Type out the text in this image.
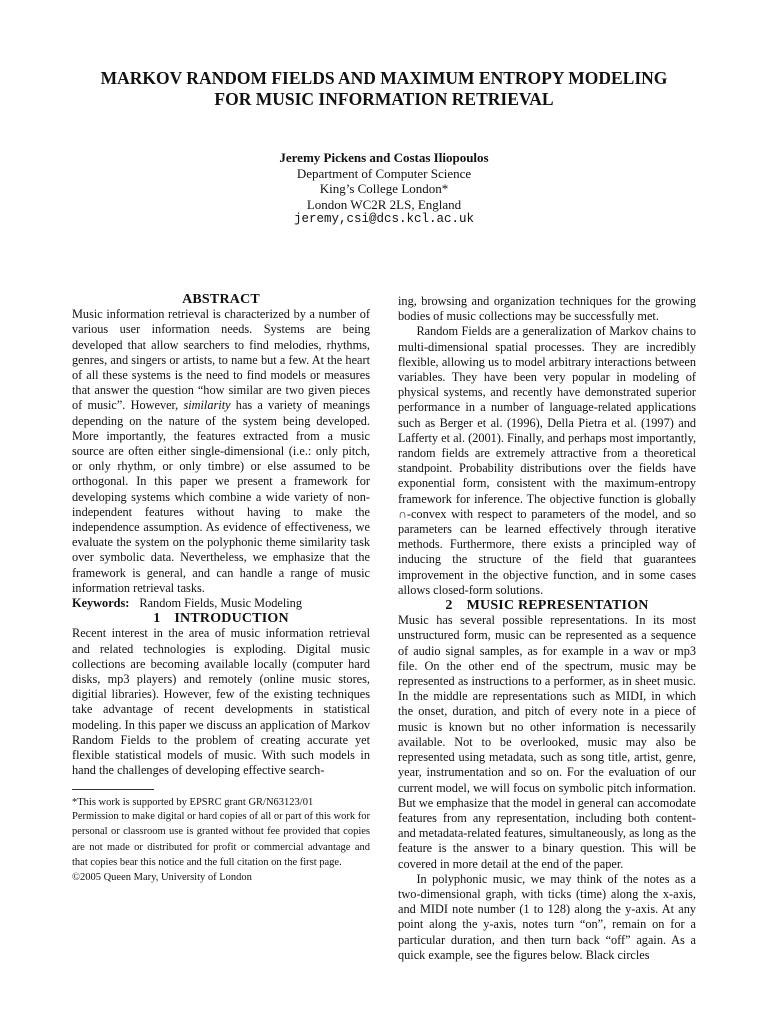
MARKOV RANDOM FIELDS AND MAXIMUM ENTROPY MODELING
FOR MUSIC INFORMATION RETRIEVAL
Jeremy Pickens and Costas Iliopoulos
Department of Computer Science
King’s College London*
London WC2R 2LS, England
jeremy,csi@dcs.kcl.ac.uk
ABSTRACT

Music information retrieval is characterized by a number of various user information needs. Systems are being developed that allow searchers to find melodies, rhythms, genres, and singers or artists, to name but a few. At the heart of all these systems is the need to find models or measures that answer the question “how similar are two given pieces of music”. However, similarity has a variety of meanings depending on the nature of the system being developed. More importantly, the features extracted from a music source are often either single-dimensional (i.e.: only pitch, or only rhythm, or only timbre) or else assumed to be orthogonal. In this paper we present a framework for developing systems which combine a wide variety of non-independent features without having to make the independence assumption. As evidence of effectiveness, we evaluate the system on the polyphonic theme similarity task over symbolic data. Nevertheless, we emphasize that the framework is general, and can handle a range of music information retrieval tasks.

Keywords: Random Fields, Music Modeling

1 INTRODUCTION

Recent interest in the area of music information retrieval and related technologies is exploding. Digital music collections are becoming available locally (computer hard disks, mp3 players) and remotely (online music stores, digitial libraries). However, few of the existing techniques take advantage of recent developments in statistical modeling. In this paper we discuss an application of Markov Random Fields to the problem of creating accurate yet flexible statistical models of music. With such models in hand the challenges of developing effective search-

*This work is supported by EPSRC grant GR/N63123/01

Permission to make digital or hard copies of all or part of this work for personal or classroom use is granted without fee provided that copies are not made or distributed for profit or commercial advantage and that copies bear this notice and the full citation on the first page.

©2005 Queen Mary, University of London

ing, browsing and organization techniques for the growing bodies of music collections may be successfully met.

Random Fields are a generalization of Markov chains to multi-dimensional spatial processes. They are incredibly flexible, allowing us to model arbitrary interactions between variables. They have been very popular in modeling of physical systems, and recently have demonstrated superior performance in a number of language-related applications such as Berger et al. (1996), Della Pietra et al. (1997) and Lafferty et al. (2001). Finally, and perhaps most importantly, random fields are extremely attractive from a theoretical standpoint. Probability distributions over the fields have exponential form, consistent with the maximum-entropy framework for inference. The objective function is globally ∩-convex with respect to parameters of the model, and so parameters can be learned effectively through iterative methods. Furthermore, there exists a principled way of inducing the structure of the field that guarantees improvement in the objective function, and in some cases allows closed-form solutions.

2 MUSIC REPRESENTATION

Music has several possible representations. In its most unstructured form, music can be represented as a sequence of audio signal samples, as for example in a wav or mp3 file. On the other end of the spectrum, music may be represented as instructions to a performer, as in sheet music. In the middle are representations such as MIDI, in which the onset, duration, and pitch of every note in a piece of music is known but no other information is necessarily available. Not to be overlooked, music may also be represented using metadata, such as song title, artist, genre, year, instrumentation and so on. For the evaluation of our current model, we will focus on symbolic pitch information. But we emphasize that the model in general can accomodate features from any representation, including both content- and metadata-related features, simultaneously, as long as the feature is the answer to a binary question. This will be covered in more detail at the end of the paper.

In polyphonic music, we may think of the notes as a two-dimensional graph, with ticks (time) along the x-axis, and MIDI note number (1 to 128) along the y-axis. At any point along the y-axis, notes turn “on”, remain on for a particular duration, and then turn back “off” again. As a quick example, see the figures below. Black circles
